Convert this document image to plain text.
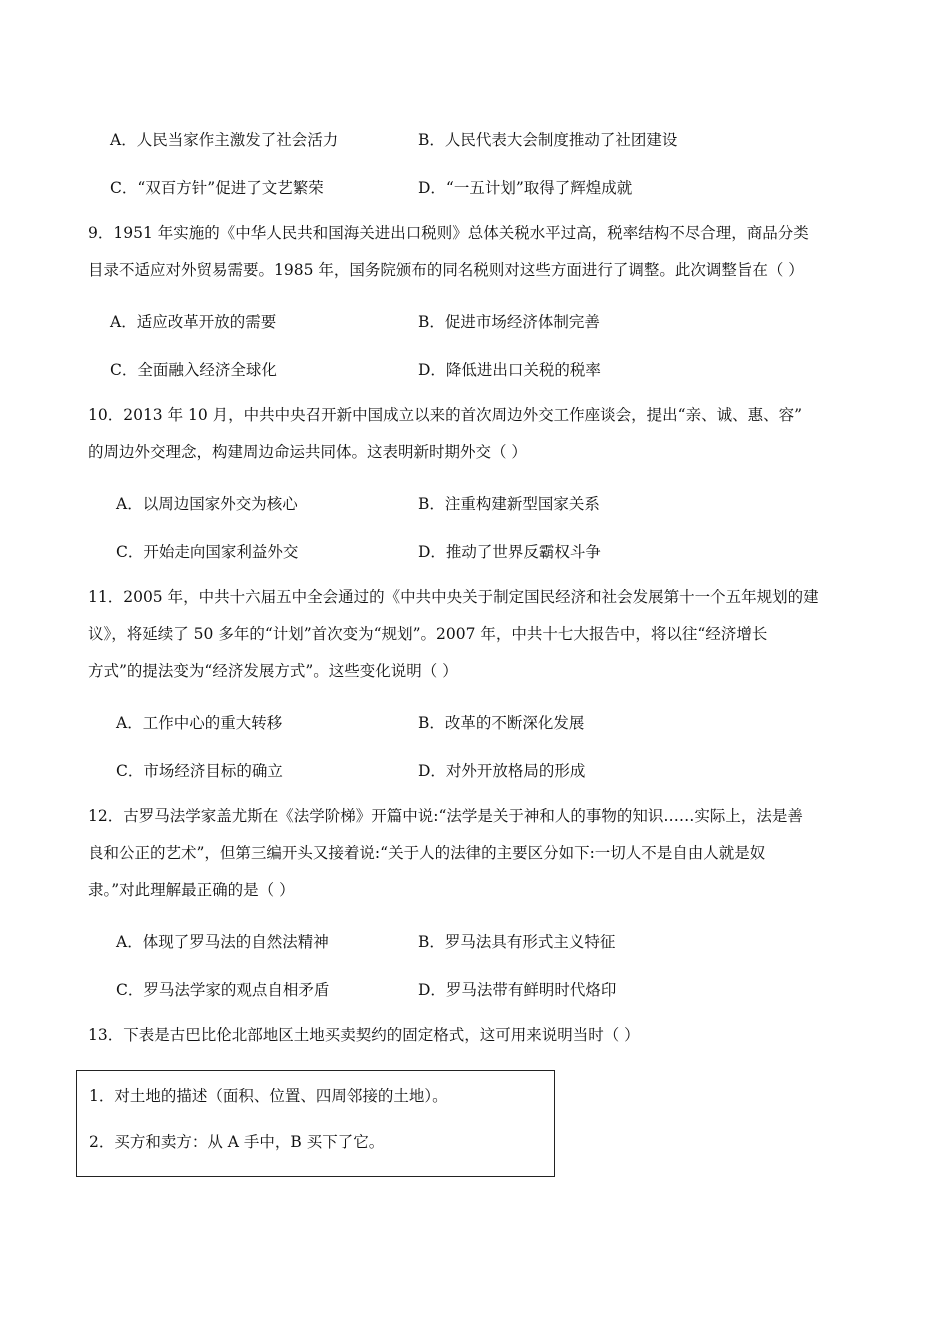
A．人民当家作主激发了社会活力	B．人民代表大会制度推动了社团建设
C．“双百方针”促进了文艺繁荣	D．“一五计划”取得了辉煌成就

9．1951 年实施的《中华人民共和国海关进出口税则》总体关税水平过高，税率结构不尽合理，商品分类

目录不适应对外贸易需要。1985 年，国务院颁布的同名税则对这些方面进行了调整。此次调整旨在（ ）

A．适应改革开放的需要	B．促进市场经济体制完善
C．全面融入经济全球化	D．降低进出口关税的税率

10．2013 年 10 月，中共中央召开新中国成立以来的首次周边外交工作座谈会，提出“亲、诚、惠、容”

的周边外交理念，构建周边命运共同体。这表明新时期外交（ ）

A．以周边国家外交为核心	B．注重构建新型国家关系
C．开始走向国家利益外交	D．推动了世界反霸权斗争

11．2005 年，中共十六届五中全会通过的《中共中央关于制定国民经济和社会发展第十一个五年规划的建

议》，将延续了 50 多年的“计划”首次变为“规划”。2007 年，中共十七大报告中，将以往“经济增长

方式”的提法变为“经济发展方式”。这些变化说明（ ）

A．工作中心的重大转移	B．改革的不断深化发展
C．市场经济目标的确立	D．对外开放格局的形成

12．古罗马法学家盖尤斯在《法学阶梯》开篇中说:“法学是关于神和人的事物的知识……实际上，法是善

良和公正的艺术”，但第三编开头又接着说:“关于人的法律的主要区分如下:一切人不是自由人就是奴

隶。”对此理解最正确的是（ ）

A．体现了罗马法的自然法精神	B．罗马法具有形式主义特征
C．罗马法学家的观点自相矛盾	D．罗马法带有鲜明时代烙印

13．下表是古巴比伦北部地区土地买卖契约的固定格式，这可用来说明当时（ ）

1．对土地的描述（面积、位置、四周邻接的土地）。
2．买方和卖方：从 A 手中，B 买下了它。
